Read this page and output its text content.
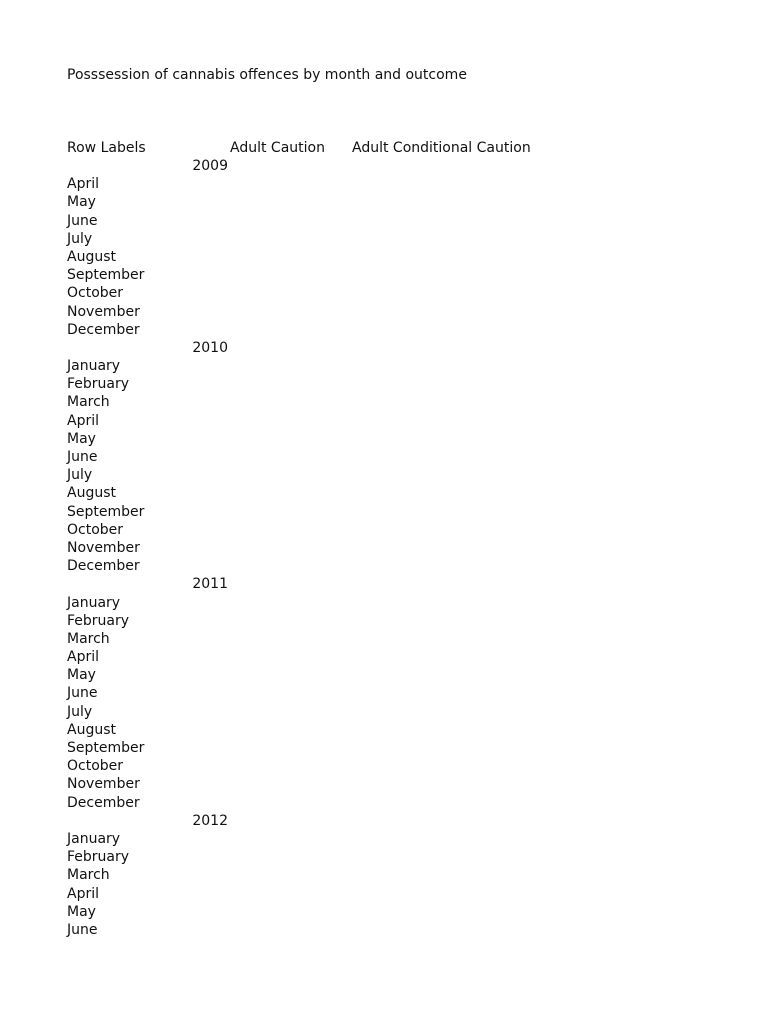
Posssession of cannabis offences by month and outcome
Row Labels	Adult Caution Adult Conditional Caution
2009
April
May
June
July
August
September
October
November
December
2010
January
February
March
April
May
June
July
August
September
October
November
December
2011
January
February
March
April
May
June
July
August
September
October
November
December
2012
January
February
March
April
May
June
